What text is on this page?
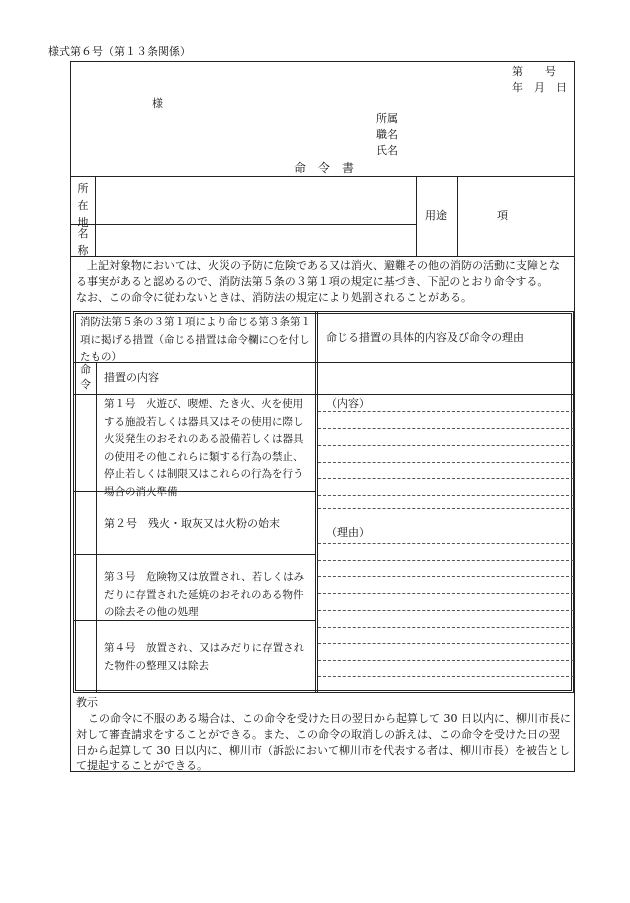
様式第６号（第１３条関係）
第　　号
年　月　日
様
所属
職名
氏名
命　令　書
所在地
名称
用途	項
上記対象物においては、火災の予防に危険である又は消火、避難その他の消防の活動に支障とな
る事実があると認めるので、消防法第５条の３第１項の規定に基づき、下記のとおり命令する。
なお、この命令に従わないときは、消防法の規定により処罰されることがある。
消防法第５条の３第１項により命じる第３条第１項に掲げる措置（命じる措置は命令欄に○を付したもの）
命じる措置の具体的内容及び命令の理由
命令
措置の内容
第１号　火遊び、喫煙、たき火、火を使用する施設若しくは器具又はその使用に際し火災発生のおそれのある設備若しくは器具の使用その他これらに類する行為の禁止、停止若しくは制限又はこれらの行為を行う場合の消火準備
第２号　残火・取灰又は火粉の始末
第３号　危険物又は放置され、若しくはみだりに存置された延焼のおそれのある物件の除去その他の処理
第４号　放置され、又はみだりに存置された物件の整理又は除去
（内容）
（理由）
教示
この命令に不服のある場合は、この命令を受けた日の翌日から起算して 30 日以内に、柳川市長に
対して審査請求をすることができる。また、この命令の取消しの訴えは、この命令を受けた日の翌
日から起算して 30 日以内に、柳川市（訴訟において柳川市を代表する者は、柳川市長）を被告とし
て提起することができる。
